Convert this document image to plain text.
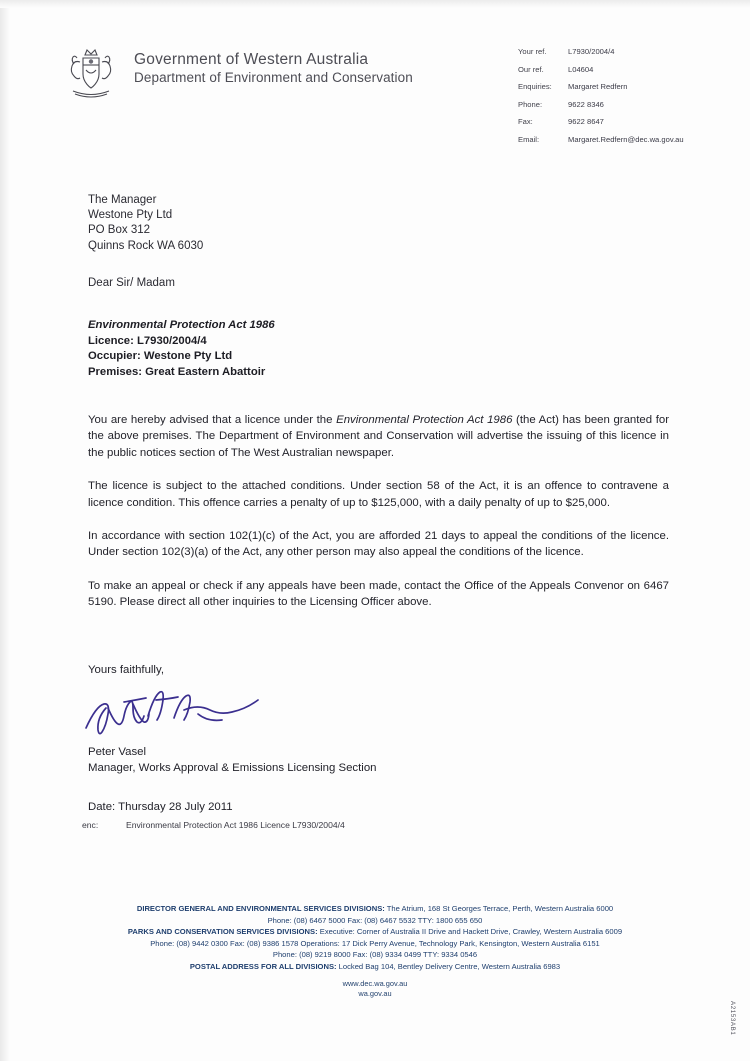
Government of Western Australia
Department of Environment and Conservation
Your ref.	L7930/2004/4
Our ref.	L04604
Enquiries:	Margaret Redfern
Phone:	9622 8346
Fax:	9622 8647
Email:	Margaret.Redfern@dec.wa.gov.au
The Manager
Westone Pty Ltd
PO Box 312
Quinns Rock WA 6030
Dear Sir/ Madam
Environmental Protection Act 1986
Licence: L7930/2004/4
Occupier: Westone Pty Ltd
Premises: Great Eastern Abattoir

You are hereby advised that a licence under the Environmental Protection Act 1986 (the Act) has been granted for the above premises. The Department of Environment and Conservation will advertise the issuing of this licence in the public notices section of The West Australian newspaper.

The licence is subject to the attached conditions. Under section 58 of the Act, it is an offence to contravene a licence condition. This offence carries a penalty of up to $125,000, with a daily penalty of up to $25,000.

In accordance with section 102(1)(c) of the Act, you are afforded 21 days to appeal the conditions of the licence. Under section 102(3)(a) of the Act, any other person may also appeal the conditions of the licence.

To make an appeal or check if any appeals have been made, contact the Office of the Appeals Convenor on 6467 5190. Please direct all other inquiries to the Licensing Officer above.

Yours faithfully,
Peter Vasel
Manager, Works Approval & Emissions Licensing Section
Date: Thursday 28 July 2011
enc:	Environmental Protection Act 1986 Licence L7930/2004/4
DIRECTOR GENERAL AND ENVIRONMENTAL SERVICES DIVISIONS: The Atrium, 168 St Georges Terrace, Perth, Western Australia 6000
Phone: (08) 6467 5000 Fax: (08) 6467 5532 TTY: 1800 655 650
PARKS AND CONSERVATION SERVICES DIVISIONS: Executive: Corner of Australia II Drive and Hackett Drive, Crawley, Western Australia 6009
Phone: (08) 9442 0300 Fax: (08) 9386 1578 Operations: 17 Dick Perry Avenue, Technology Park, Kensington, Western Australia 6151
Phone: (08) 9219 8000 Fax: (08) 9334 0499 TTY: 9334 0546
POSTAL ADDRESS FOR ALL DIVISIONS: Locked Bag 104, Bentley Delivery Centre, Western Australia 6983
www.dec.wa.gov.au
wa.gov.au
A2153AB1
